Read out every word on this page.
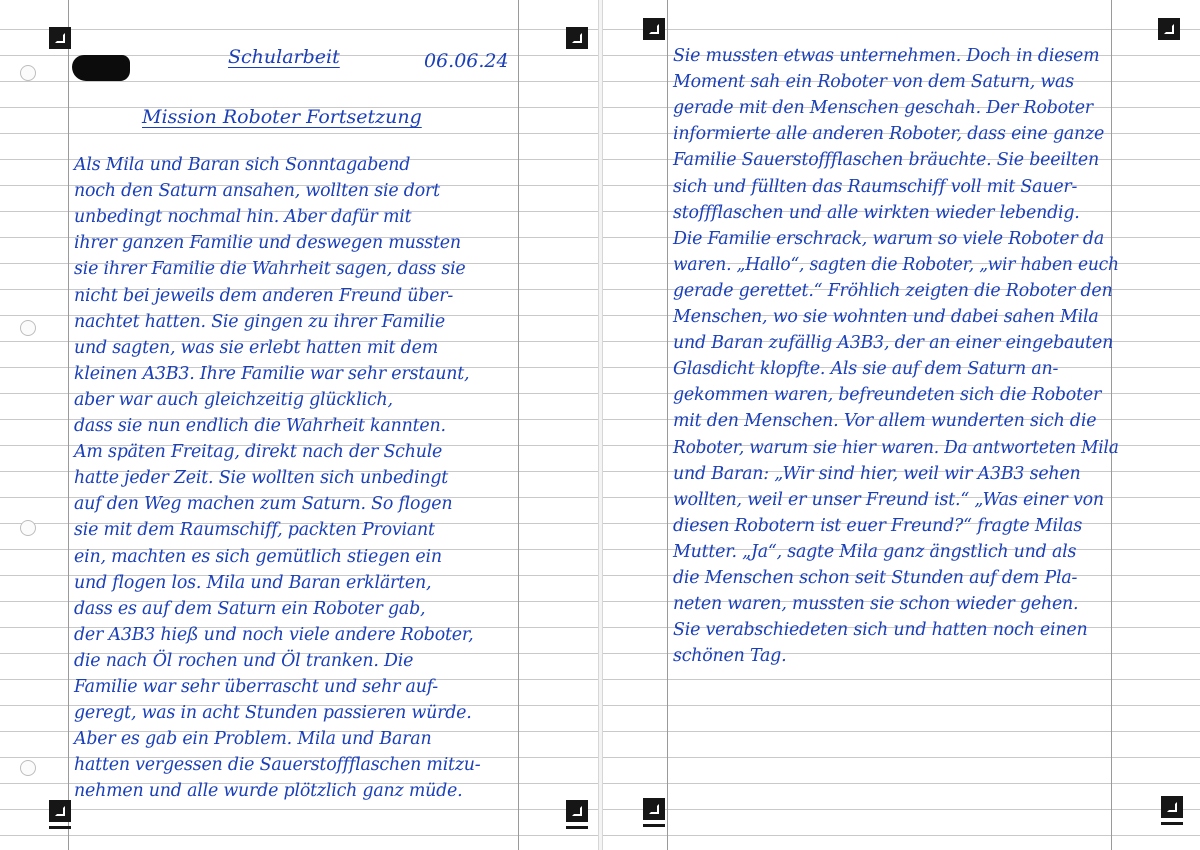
Schularbeit	06.06.24
Mission Roboter Fortsetzung
Als Mila und Baran sich Sonntagabend
noch den Saturn ansahen, wollten sie dort
unbedingt nochmal hin. Aber dafür mit
ihrer ganzen Familie und deswegen mussten
sie ihrer Familie die Wahrheit sagen, dass sie
nicht bei jeweils dem anderen Freund über-
nachtet hatten. Sie gingen zu ihrer Familie
und sagten, was sie erlebt hatten mit dem
kleinen A3B3. Ihre Familie war sehr erstaunt,
aber war auch gleichzeitig glücklich,
dass sie nun endlich die Wahrheit kannten.
Am späten Freitag, direkt nach der Schule
hatte jeder Zeit. Sie wollten sich unbedingt
auf den Weg machen zum Saturn. So flogen
sie mit dem Raumschiff, packten Proviant
ein, machten es sich gemütlich stiegen ein
und flogen los. Mila und Baran erklärten,
dass es auf dem Saturn ein Roboter gab,
der A3B3 hieß und noch viele andere Roboter,
die nach Öl rochen und Öl tranken. Die
Familie war sehr überrascht und sehr auf-
geregt, was in acht Stunden passieren würde.
Aber es gab ein Problem. Mila und Baran
hatten vergessen die Sauerstoffflaschen mitzu-
nehmen und alle wurde plötzlich ganz müde.
Sie mussten etwas unternehmen. Doch in diesem
Moment sah ein Roboter von dem Saturn, was
gerade mit den Menschen geschah. Der Roboter
informierte alle anderen Roboter, dass eine ganze
Familie Sauerstoffflaschen bräuchte. Sie beeilten
sich und füllten das Raumschiff voll mit Sauer-
stoffflaschen und alle wirkten wieder lebendig.
Die Familie erschrack, warum so viele Roboter da
waren. „Hallo“, sagten die Roboter, „wir haben euch
gerade gerettet.“ Fröhlich zeigten die Roboter den
Menschen, wo sie wohnten und dabei sahen Mila
und Baran zufällig A3B3, der an einer eingebauten
Glasdicht klopfte. Als sie auf dem Saturn an-
gekommen waren, befreundeten sich die Roboter
mit den Menschen. Vor allem wunderten sich die
Roboter, warum sie hier waren. Da antworteten Mila
und Baran: „Wir sind hier, weil wir A3B3 sehen
wollten, weil er unser Freund ist.“ „Was einer von
diesen Robotern ist euer Freund?“ fragte Milas
Mutter. „Ja“, sagte Mila ganz ängstlich und als
die Menschen schon seit Stunden auf dem Pla-
neten waren, mussten sie schon wieder gehen.
Sie verabschiedeten sich und hatten noch einen
schönen Tag.
